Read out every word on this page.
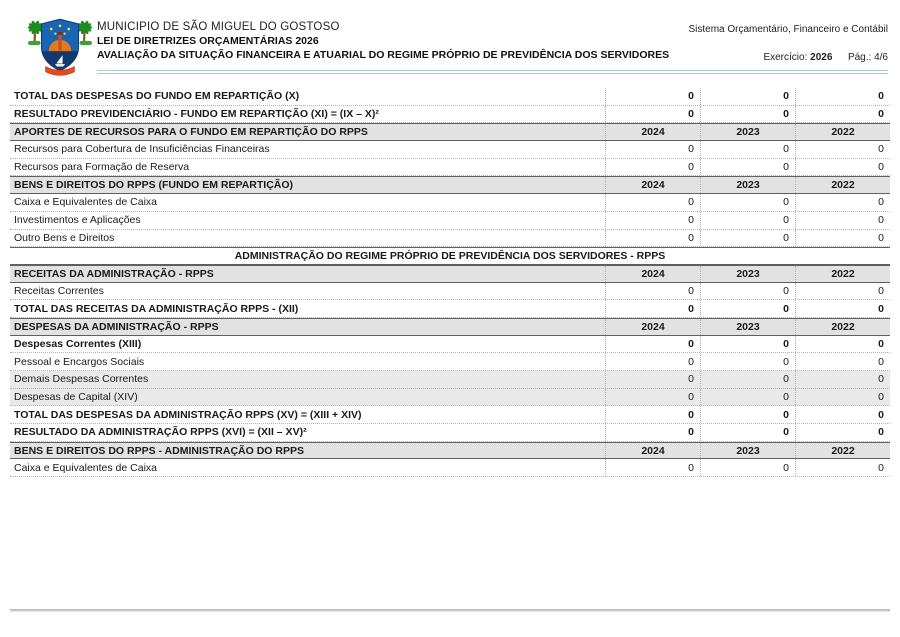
MUNICIPIO DE SÃO MIGUEL DO GOSTOSO
LEI DE DIRETRIZES ORÇAMENTÁRIAS 2026
AVALIAÇÃO DA SITUAÇÃO FINANCEIRA E ATUARIAL DO REGIME PRÓPRIO DE PREVIDÊNCIA DOS SERVIDORES
Sistema Orçamentário, Financeiro e Contábil
Exercício: 2026 Pág.: 4/6
TOTAL DAS DESPESAS DO FUNDO EM REPARTIÇÃO (X)	0	0	0
RESULTADO PREVIDENCIÁRIO - FUNDO EM REPARTIÇÃO (XI) = (IX – X)²	0	0	0
APORTES DE RECURSOS PARA O FUNDO EM REPARTIÇÃO DO RPPS	2024	2023	2022
Recursos para Cobertura de Insuficiências Financeiras	0	0	0
Recursos para Formação de Reserva	0	0	0
BENS E DIREITOS DO RPPS (FUNDO EM REPARTIÇÃO)	2024	2023	2022
Caixa e Equivalentes de Caixa	0	0	0
Investimentos e Aplicações	0	0	0
Outro Bens e Direitos	0	0	0
ADMINISTRAÇÃO DO REGIME PRÓPRIO DE PREVIDÊNCIA DOS SERVIDORES - RPPS
RECEITAS DA ADMINISTRAÇÃO - RPPS	2024	2023	2022
Receitas Correntes	0	0	0
TOTAL DAS RECEITAS DA ADMINISTRAÇÃO RPPS - (XII)	0	0	0
DESPESAS DA ADMINISTRAÇÃO - RPPS	2024	2023	2022
Despesas Correntes (XIII)	0	0	0
Pessoal e Encargos Sociais	0	0	0
Demais Despesas Correntes	0	0	0
Despesas de Capital (XIV)	0	0	0
TOTAL DAS DESPESAS DA ADMINISTRAÇÃO RPPS (XV) = (XIII + XIV)	0	0	0
RESULTADO DA ADMINISTRAÇÃO RPPS (XVI) = (XII – XV)²	0	0	0
BENS E DIREITOS DO RPPS - ADMINISTRAÇÃO DO RPPS	2024	2023	2022
Caixa e Equivalentes de Caixa	0	0	0
